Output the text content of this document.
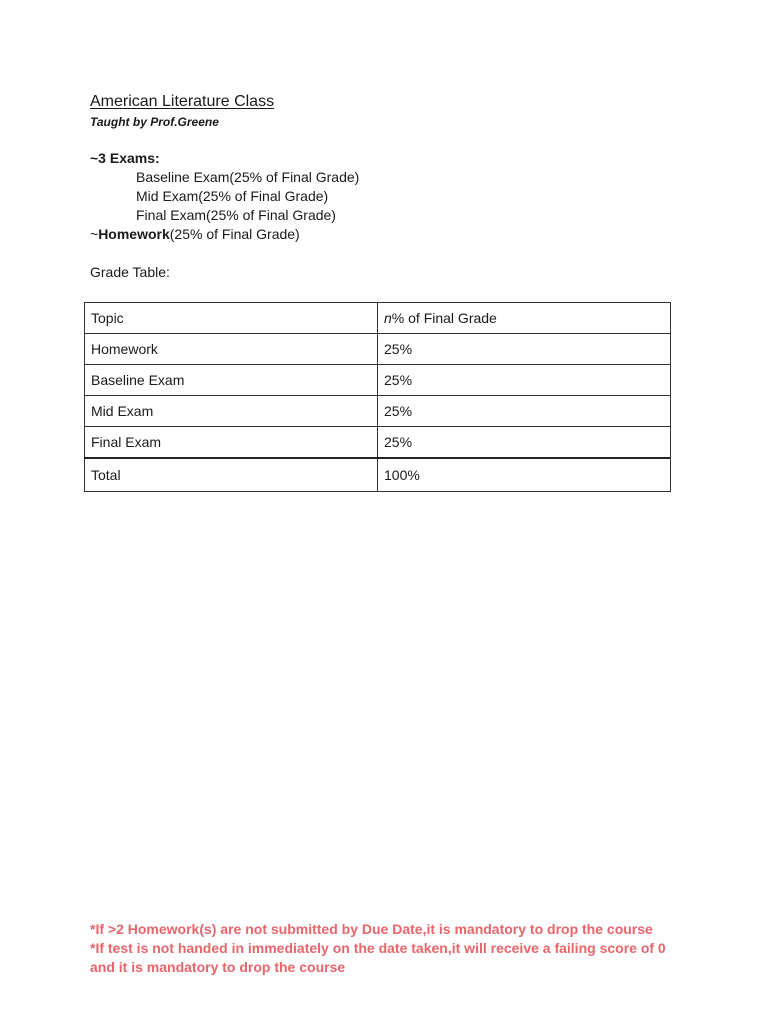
American Literature Class
Taught by Prof.Greene
~3 Exams:
Baseline Exam(25% of Final Grade)
Mid Exam(25% of Final Grade)
Final Exam(25% of Final Grade)
~Homework(25% of Final Grade)
Grade Table:
Topic	n% of Final Grade
Homework	25%
Baseline Exam	25%
Mid Exam	25%
Final Exam	25%
Total	100%
*If >2 Homework(s) are not submitted by Due Date,it is mandatory to drop the course
*If test is not handed in immediately on the date taken,it will receive a failing score of 0
and it is mandatory to drop the course
